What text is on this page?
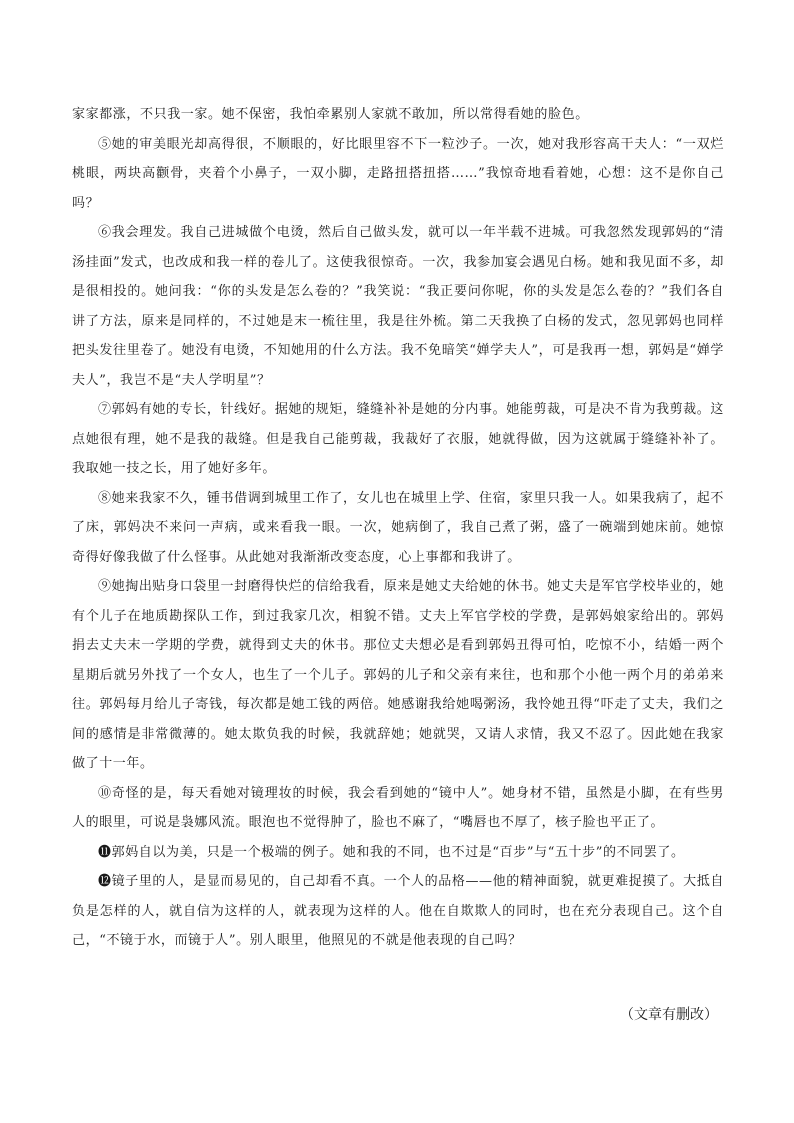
家家都涨，不只我一家。她不保密，我怕牵累别人家就不敢加，所以常得看她的脸色。

⑤她的审美眼光却高得很，不顺眼的，好比眼里容不下一粒沙子。一次，她对我形容高干夫人：“一双烂桃眼，两块高颧骨，夹着个小鼻子，一双小脚，走路扭搭扭搭……”我惊奇地看着她，心想：这不是你自己吗？

⑥我会理发。我自己进城做个电烫，然后自己做头发，就可以一年半载不进城。可我忽然发现郭妈的“清汤挂面”发式，也改成和我一样的卷儿了。这使我很惊奇。一次，我参加宴会遇见白杨。她和我见面不多，却是很相投的。她问我：“你的头发是怎么卷的？”我笑说：“我正要问你呢，你的头发是怎么卷的？”我们各自讲了方法，原来是同样的，不过她是末一梳往里，我是往外梳。第二天我换了白杨的发式，忽见郭妈也同样把头发往里卷了。她没有电烫，不知她用的什么方法。我不免暗笑“婵学夫人”，可是我再一想，郭妈是“婵学夫人”，我岂不是“夫人学明星”？

⑦郭妈有她的专长，针线好。据她的规矩，缝缝补补是她的分内事。她能剪裁，可是决不肯为我剪裁。这点她很有理，她不是我的裁缝。但是我自己能剪裁，我裁好了衣服，她就得做，因为这就属于缝缝补补了。我取她一技之长，用了她好多年。

⑧她来我家不久，锺书借调到城里工作了，女儿也在城里上学、住宿，家里只我一人。如果我病了，起不了床，郭妈决不来问一声病，或来看我一眼。一次，她病倒了，我自己煮了粥，盛了一碗端到她床前。她惊奇得好像我做了什么怪事。从此她对我渐渐改变态度，心上事都和我讲了。

⑨她掏出贴身口袋里一封磨得快烂的信给我看，原来是她丈夫给她的休书。她丈夫是军官学校毕业的，她有个儿子在地质勘探队工作，到过我家几次，相貌不错。丈夫上军官学校的学费，是郭妈娘家给出的。郭妈捐去丈夫末一学期的学费，就得到丈夫的休书。那位丈夫想必是看到郭妈丑得可怕，吃惊不小，结婚一两个星期后就另外找了一个女人，也生了一个儿子。郭妈的儿子和父亲有来往，也和那个小他一两个月的弟弟来往。郭妈每月给儿子寄钱，每次都是她工钱的两倍。她感谢我给她喝粥汤，我怜她丑得“吓走了丈夫，我们之间的感情是非常微薄的。她太欺负我的时候，我就辞她；她就哭，又请人求情，我又不忍了。因此她在我家做了十一年。

⑩奇怪的是，每天看她对镜理妆的时候，我会看到她的“镜中人”。她身材不错，虽然是小脚，在有些男人的眼里，可说是袅娜风流。眼泡也不觉得肿了，脸也不麻了，“嘴唇也不厚了，核子脸也平正了。

⓫郭妈自以为美，只是一个极端的例子。她和我的不同，也不过是“百步”与“五十步”的不同罢了。

⓬镜子里的人，是显而易见的，自己却看不真。一个人的品格——他的精神面貌，就更难捉摸了。大抵自负是怎样的人，就自信为这样的人，就表现为这样的人。他在自欺欺人的同时，也在充分表现自己。这个自己，“不镜于水，而镜于人”。别人眼里，他照见的不就是他表现的自己吗？

（文章有删改）
